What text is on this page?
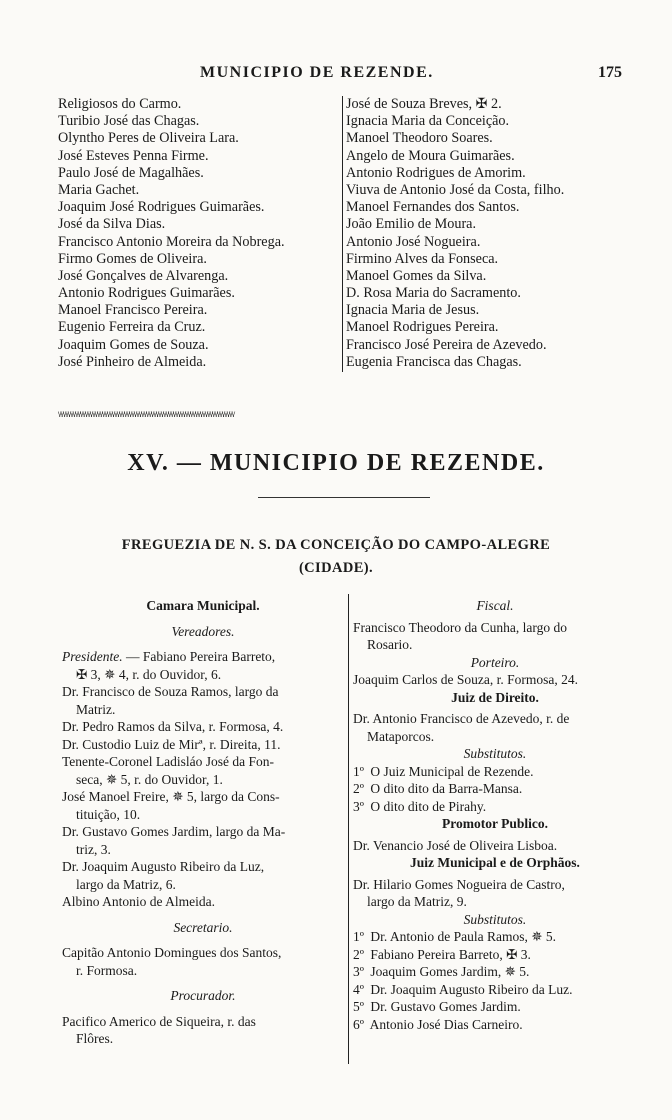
MUNICIPIO DE REZENDE.	175
Religiosos do Carmo.
Turibio José das Chagas.
Olyntho Peres de Oliveira Lara.
José Esteves Penna Firme.
Paulo José de Magalhães.
Maria Gachet.
Joaquim José Rodrigues Guimarães.
José da Silva Dias.
Francisco Antonio Moreira da Nobrega.
Firmo Gomes de Oliveira.
José Gonçalves de Alvarenga.
Antonio Rodrigues Guimarães.
Manoel Francisco Pereira.
Eugenio Ferreira da Cruz.
Joaquim Gomes de Souza.
José Pinheiro de Almeida.
José de Souza Breves, ✠ 2.
Ignacia Maria da Conceição.
Manoel Theodoro Soares.
Angelo de Moura Guimarães.
Antonio Rodrigues de Amorim.
Viuva de Antonio José da Costa, filho.
Manoel Fernandes dos Santos.
João Emilio de Moura.
Antonio José Nogueira.
Firmino Alves da Fonseca.
Manoel Gomes da Silva.
D. Rosa Maria do Sacramento.
Ignacia Maria de Jesus.
Manoel Rodrigues Pereira.
Francisco José Pereira de Azevedo.
Eugenia Francisca das Chagas.
\/\/\/\/\/\/\/\/\/\/\/\/\/\/\/\/\/\/\/\/\/\/\/\/\/\/\/\/\/\/\/\/\/\/\/\/\/\/\/\/\/\/\/\/\/\/\/\/\/\/\/\/\/\/\/\/\/\/\/\/\/\/\/\/\/\/\/\/\/\/\/\/
XV. — MUNICIPIO DE REZENDE.
FREGUEZIA DE N. S. DA CONCEIÇÃO DO CAMPO-ALEGRE
(CIDADE).
Camara Municipal.
Vereadores.
Presidente. — Fabiano Pereira Barreto,
✠ 3, ✵ 4, r. do Ouvidor, 6.
Dr. Francisco de Souza Ramos, largo da
Matriz.
Dr. Pedro Ramos da Silva, r. Formosa, 4.
Dr. Custodio Luiz de Mirª, r. Direita, 11.
Tenente-Coronel Ladisláo José da Fon-
seca, ✵ 5, r. do Ouvidor, 1.
José Manoel Freire, ✵ 5, largo da Cons-
tituição, 10.
Dr. Gustavo Gomes Jardim, largo da Ma-
triz, 3.
Dr. Joaquim Augusto Ribeiro da Luz,
largo da Matriz, 6.
Albino Antonio de Almeida.
Secretario.
Capitão Antonio Domingues dos Santos,
r. Formosa.
Procurador.
Pacifico Americo de Siqueira, r. das
Flôres.
Fiscal.
Francisco Theodoro da Cunha, largo do
Rosario.
Porteiro.
Joaquim Carlos de Souza, r. Formosa, 24.
Juiz de Direito.
Dr. Antonio Francisco de Azevedo, r. de
Mataporcos.
Substitutos.
1º O Juiz Municipal de Rezende.
2º O dito dito da Barra-Mansa.
3º O dito dito de Pirahy.
Promotor Publico.
Dr. Venancio José de Oliveira Lisboa.
Juiz Municipal e de Orphãos.
Dr. Hilario Gomes Nogueira de Castro,
largo da Matriz, 9.
Substitutos.
1º Dr. Antonio de Paula Ramos, ✵ 5.
2º Fabiano Pereira Barreto, ✠ 3.
3º Joaquim Gomes Jardim, ✵ 5.
4º Dr. Joaquim Augusto Ribeiro da Luz.
5º Dr. Gustavo Gomes Jardim.
6º Antonio José Dias Carneiro.
